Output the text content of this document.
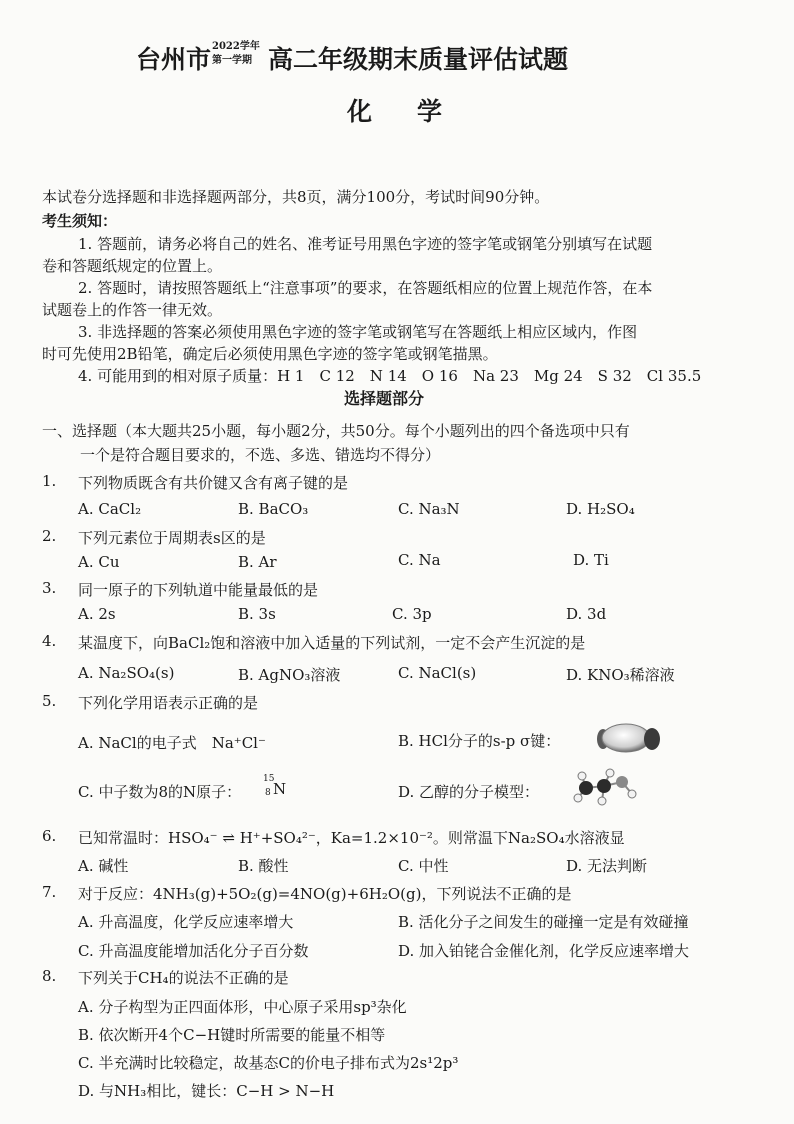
台州市 2022学年
第一学期 高二年级期末质量评估试题
化　学
本试卷分选择题和非选择题两部分，共8页，满分100分，考试时间90分钟。
考生须知：
1. 答题前，请务必将自己的姓名、准考证号用黑色字迹的签字笔或钢笔分别填写在试题
卷和答题纸规定的位置上。
2. 答题时，请按照答题纸上“注意事项”的要求，在答题纸相应的位置上规范作答，在本
试题卷上的作答一律无效。
3. 非选择题的答案必须使用黑色字迹的签字笔或钢笔写在答题纸上相应区域内，作图
时可先使用2B铅笔，确定后必须使用黑色字迹的签字笔或钢笔描黑。
4. 可能用到的相对原子质量：H 1　C 12　N 14　O 16　Na 23　Mg 24　S 32　Cl 35.5
选择题部分
一、选择题（本大题共25小题，每小题2分，共50分。每个小题列出的四个备选项中只有
一个是符合题目要求的，不选、多选、错选均不得分）
1. 下列物质既含有共价键又含有离子键的是
A. CaCl₂	B. BaCO₃	C. Na₃N	D. H₂SO₄
2. 下列元素位于周期表s区的是
A. Cu	B. Ar	C. Na	D. Ti
3. 同一原子的下列轨道中能量最低的是
A. 2s	B. 3s	C. 3p	D. 3d
4. 某温度下，向BaCl₂饱和溶液中加入适量的下列试剂，一定不会产生沉淀的是
A. Na₂SO₄(s)	B. AgNO₃溶液	C. NaCl(s)	D. KNO₃稀溶液
5. 下列化学用语表示正确的是
A. NaCl的电子式　Na⁺Cl⁻	B. HCl分子的s-p σ键：
C. 中子数为8的N原子：
15
8 N	D. 乙醇的分子模型：
6. 已知常温时：HSO₄⁻ ⇌ H⁺+SO₄²⁻，Ka=1.2×10⁻²。则常温下Na₂SO₄水溶液显
A. 碱性	B. 酸性	C. 中性	D. 无法判断
7. 对于反应：4NH₃(g)+5O₂(g)=4NO(g)+6H₂O(g)，下列说法不正确的是
A. 升高温度，化学反应速率增大	B. 活化分子之间发生的碰撞一定是有效碰撞
C. 升高温度能增加活化分子百分数	D. 加入铂铑合金催化剂，化学反应速率增大
8. 下列关于CH₄的说法不正确的是
A. 分子构型为正四面体形，中心原子采用sp³杂化
B. 依次断开4个C−H键时所需要的能量不相等
C. 半充满时比较稳定，故基态C的价电子排布式为2s¹2p³
D. 与NH₃相比，键长：C−H > N−H
